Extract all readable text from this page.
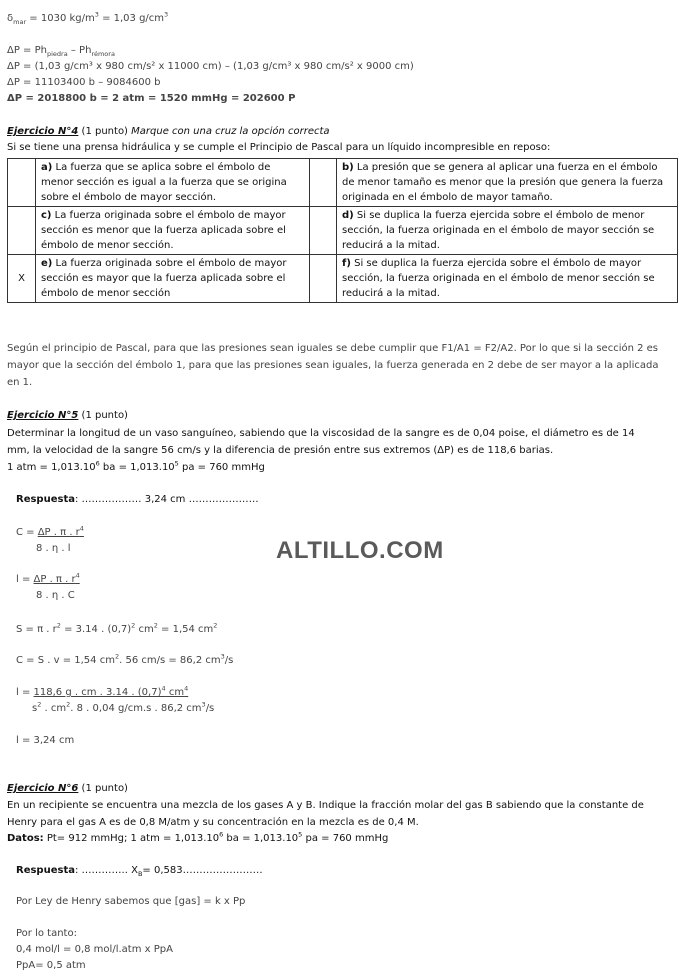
$\delta_{mar} = 1030$ $kg/m^3 = 1,03$ $g/cm^3$
$\Delta P = Ph_{piedra} - Ph_{rémora}$
ΔP = (1,03 g/cm³ x 980 cm/s² x 11000 cm) – (1,03 g/cm³ x 980 cm/s² x 9000 cm)
ΔP = 11103400 b – 9084600 b
ΔP = 2018800 b = 2 atm = 1520 mmHg = 202600 P
Ejercicio N°4 (1 punto) Marque con una cruz la opción correcta
Si se tiene una prensa hidráulica y se cumple el Principio de Pascal para un líquido incompresible en reposo:
	a) La fuerza que se aplica sobre el émbolo de menor sección es igual a la fuerza que se origina sobre el émbolo de mayor sección.		b) La presión que se genera al aplicar una fuerza en el émbolo de menor tamaño es menor que la presión que genera la fuerza originada en el émbolo de mayor tamaño.
	c) La fuerza originada sobre el émbolo de mayor sección es menor que la fuerza aplicada sobre el émbolo de menor sección.		d) Si se duplica la fuerza ejercida sobre el émbolo de menor sección, la fuerza originada en el émbolo de mayor sección se reducirá a la mitad.
X	e) La fuerza originada sobre el émbolo de mayor sección es mayor que la fuerza aplicada sobre el émbolo de menor sección		f) Si se duplica la fuerza ejercida sobre el émbolo de mayor sección, la fuerza originada en el émbolo de menor sección se reducirá a la mitad.
Según el principio de Pascal, para que las presiones sean iguales se debe cumplir que F1/A1 = F2/A2. Por lo que si la sección 2 es
mayor que la sección del émbolo 1, para que las presiones sean iguales, la fuerza generada en 2 debe de ser mayor a la aplicada
en 1.
Ejercicio N°5 (1 punto)
Determinar la longitud de un vaso sanguíneo, sabiendo que la viscosidad de la sangre es de 0,04 poise, el diámetro es de 14
mm, la velocidad de la sangre 56 cm/s y la diferencia de presión entre sus extremos (ΔP) es de 118,6 barias.
1 atm = $1,013.10^6$ ba = $1,013.10^5$ pa = 760 mmHg
Respuesta: ……………… 3,24 cm …………………
C = ΔP . π . $r^4$
8 . η . l
l = ΔP . π . $r^4$
8 . η . C
S = π . $r^2 = 3.14$ . $(0,7)^2$ $cm^2 = 1,54$ $cm^2$
C = S . v = 1,54 $cm^2$. 56 cm/s = 86,2 $cm^3/s$
l = 118,6 g . cm . 3.14 . $(0,7)^4$ $cm^4$
$s^2$ . $cm^2$. 8 . 0,04 g/cm.s . 86,2 $cm^3/s$
l = 3,24 cm
ALTILLO.COM
Ejercicio N°6 (1 punto)
En un recipiente se encuentra una mezcla de los gases A y B. Indique la fracción molar del gas B sabiendo que la constante de
Henry para el gas A es de 0,8 M/atm y su concentración en la mezcla es de 0,4 M.
Datos: Pt= 912 mmHg; 1 atm = $1,013.10^6$ ba = $1,013.10^5$ pa = 760 mmHg
Respuesta: ………….. $X_B=$ 0,583……………………
Por Ley de Henry sabemos que [gas] = k x Pp
Por lo tanto:
0,4 mol/l = 0,8 mol/l.atm x PpA
PpA= 0,5 atm
